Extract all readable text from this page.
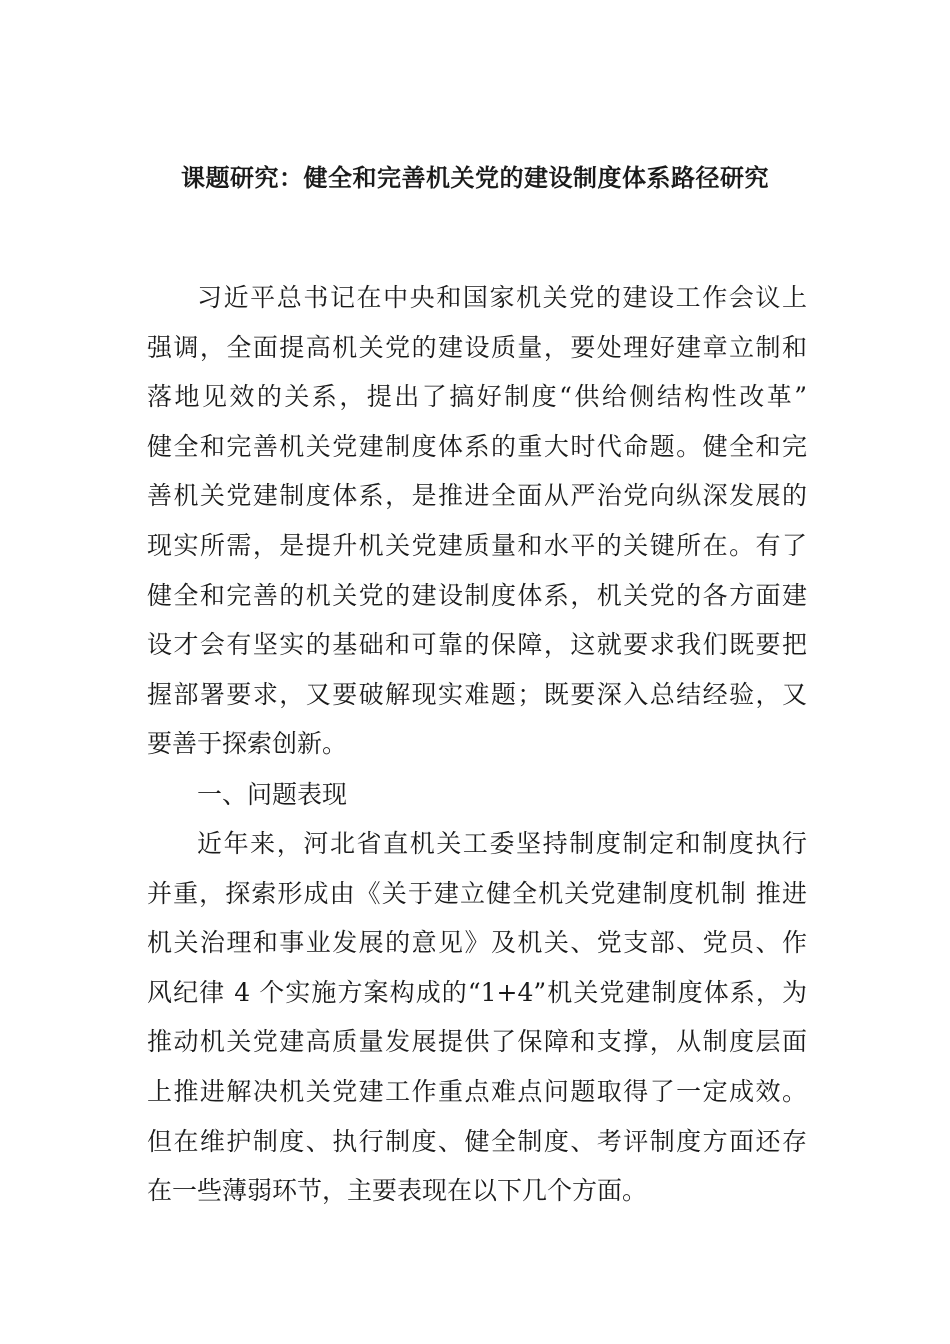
课题研究：健全和完善机关党的建设制度体系路径研究
习近平总书记在中央和国家机关党的建设工作会议上
强调，全面提高机关党的建设质量，要处理好建章立制和
落地见效的关系，提出了搞好制度“供给侧结构性改革”
健全和完善机关党建制度体系的重大时代命题。健全和完
善机关党建制度体系，是推进全面从严治党向纵深发展的
现实所需，是提升机关党建质量和水平的关键所在。有了
健全和完善的机关党的建设制度体系，机关党的各方面建
设才会有坚实的基础和可靠的保障，这就要求我们既要把
握部署要求，又要破解现实难题；既要深入总结经验，又
要善于探索创新。
一、问题表现
近年来，河北省直机关工委坚持制度制定和制度执行
并重，探索形成由《关于建立健全机关党建制度机制 推进
机关治理和事业发展的意见》及机关、党支部、党员、作
风纪律 4 个实施方案构成的“1+4”机关党建制度体系，为
推动机关党建高质量发展提供了保障和支撑，从制度层面
上推进解决机关党建工作重点难点问题取得了一定成效。
但在维护制度、执行制度、健全制度、考评制度方面还存
在一些薄弱环节，主要表现在以下几个方面。
